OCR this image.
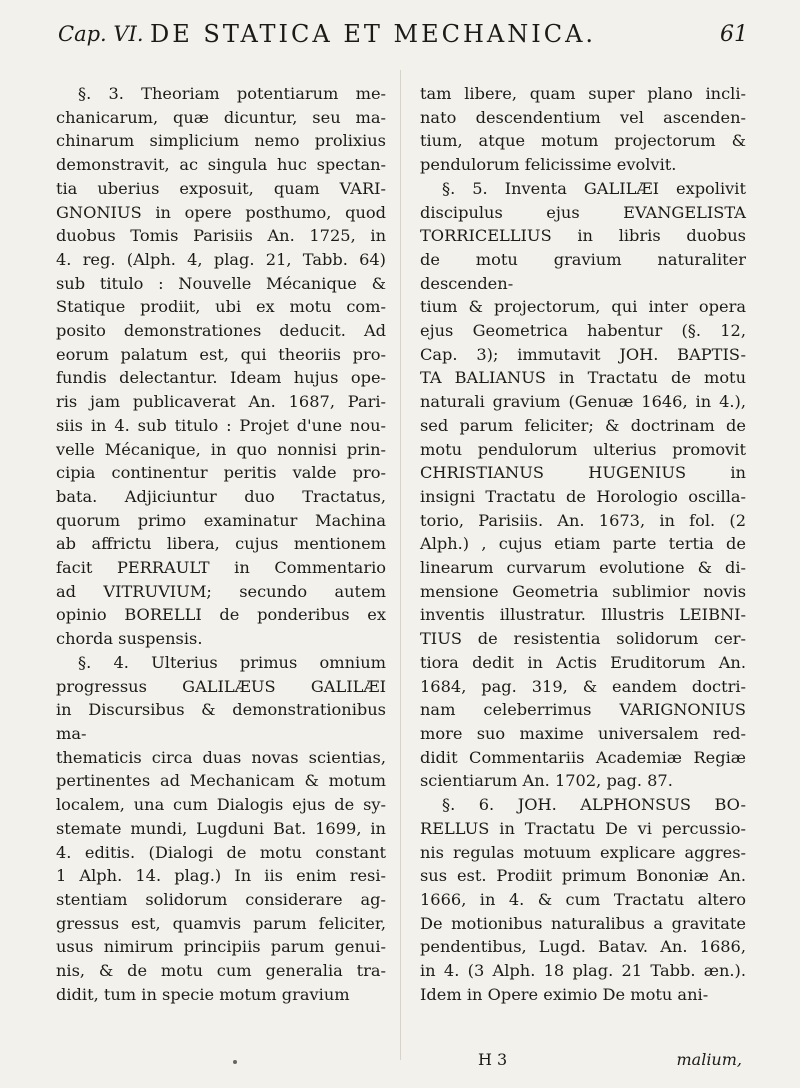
Cap. VI. DE STATICA ET MECHANICA.	61

§. 3. Theoriam potentiarum me-

chanicarum, quæ dicuntur, seu ma-

chinarum simplicium nemo prolixius

demonstravit, ac singula huc spectan-

tia uberius exposuit, quam VARI-

GNONIUS in opere posthumo, quod

duobus Tomis Parisiis An. 1725, in

4. reg. (Alph. 4, plag. 21, Tabb. 64)

sub titulo : Nouvelle Mécanique &

Statique prodiit, ubi ex motu com-

posito demonstrationes deducit. Ad

eorum palatum est, qui theoriis pro-

fundis delectantur. Ideam hujus ope-

ris jam publicaverat An. 1687, Pari-

siis in 4. sub titulo : Projet d'une nou-

velle Mécanique, in quo nonnisi prin-

cipia continentur peritis valde pro-

bata. Adjiciuntur duo Tractatus,

quorum primo examinatur Machina

ab affrictu libera, cujus mentionem

facit PERRAULT in Commentario

ad VITRUVIUM; secundo autem

opinio BORELLI de ponderibus ex

chorda suspensis.

§. 4. Ulterius primus omnium

progressus GALILÆUS GALILÆI

in Discursibus & demonstrationibus ma-

thematicis circa duas novas scientias,

pertinentes ad Mechanicam & motum

localem, una cum Dialogis ejus de sy-

stemate mundi, Lugduni Bat. 1699, in

4. editis. (Dialogi de motu constant

1 Alph. 14. plag.) In iis enim resi-

stentiam solidorum considerare ag-

gressus est, quamvis parum feliciter,

usus nimirum principiis parum genui-

nis, & de motu cum generalia tra-

didit, tum in specie motum gravium

tam libere, quam super plano incli-

nato descendentium vel ascenden-

tium, atque motum projectorum &

pendulorum felicissime evolvit.

§. 5. Inventa GALILÆI expolivit

discipulus ejus EVANGELISTA

TORRICELLIUS in libris duobus

de motu gravium naturaliter descenden-

tium & projectorum, qui inter opera

ejus Geometrica habentur (§. 12,

Cap. 3); immutavit JOH. BAPTIS-

TA BALIANUS in Tractatu de motu

naturali gravium (Genuæ 1646, in 4.),

sed parum feliciter; & doctrinam de

motu pendulorum ulterius promovit

CHRISTIANUS HUGENIUS in

insigni Tractatu de Horologio oscilla-

torio, Parisiis. An. 1673, in fol. (2

Alph.) , cujus etiam parte tertia de

linearum curvarum evolutione & di-

mensione Geometria sublimior novis

inventis illustratur. Illustris LEIBNI-

TIUS de resistentia solidorum cer-

tiora dedit in Actis Eruditorum An.

1684, pag. 319, & eandem doctri-

nam celeberrimus VARIGNONIUS

more suo maxime universalem red-

didit Commentariis Academiæ Regiæ

scientiarum An. 1702, pag. 87.

§. 6. JOH. ALPHONSUS BO-

RELLUS in Tractatu De vi percussio-

nis regulas motuum explicare aggres-

sus est. Prodiit primum Bononiæ An.

1666, in 4. & cum Tractatu altero

De motionibus naturalibus a gravitate

pendentibus, Lugd. Batav. An. 1686,

in 4. (3 Alph. 18 plag. 21 Tabb. æn.).

Idem in Opere eximio De motu ani-

H 3	malium,
